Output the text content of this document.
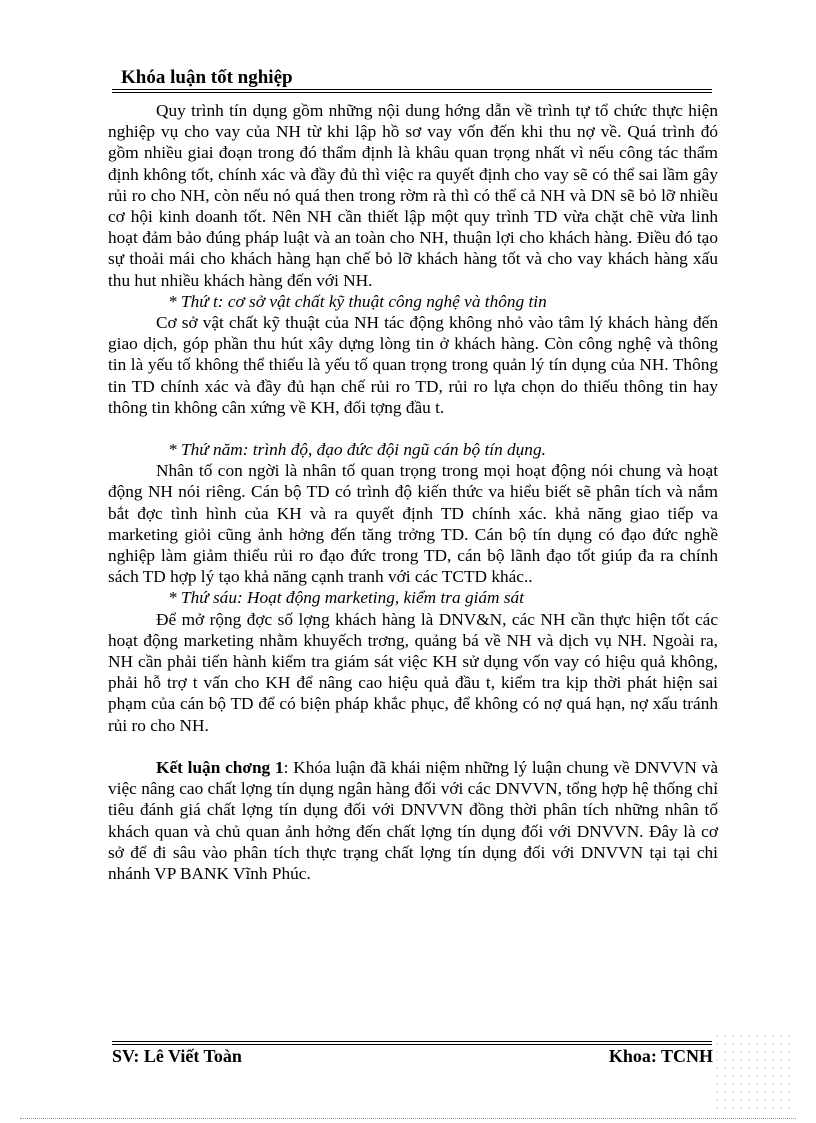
Khóa luận tốt nghiệp

Quy trình tín dụng gồm những nội dung hớng dẫn về trình tự tổ chức thực hiện nghiệp vụ cho vay của NH từ khi lập hồ sơ vay vốn đến khi thu nợ về. Quá trình đó gồm nhiều giai đoạn trong đó thẩm định là khâu quan trọng nhất vì nếu công tác thẩm định không tốt, chính xác và đầy đủ thì việc ra quyết định cho vay sẽ có thể sai lầm gây rủi ro cho NH, còn nếu nó quá then trong rờm rà thì có thể cả NH và DN sẽ bỏ lỡ nhiều cơ hội kinh doanh tốt. Nên NH cần thiết lập một quy trình TD vừa chặt chẽ vừa linh hoạt đảm bảo đúng pháp luật và an toàn cho NH, thuận lợi cho khách hàng. Điều đó tạo sự thoải mái cho khách hàng hạn chế bỏ lỡ khách hàng tốt và cho vay khách hàng xấu thu hut nhiều khách hàng đến với NH.

* Thứ t: cơ sở vật chất kỹ thuật công nghệ và thông tin

Cơ sở vật chất kỹ thuật của NH tác động không nhỏ vào tâm lý khách hàng đến giao dịch, góp phần thu hút xây dựng lòng tin ở khách hàng. Còn công nghệ và thông tin là yếu tố không thể thiếu là yếu tố quan trọng trong quản lý tín dụng của NH. Thông tin TD chính xác và đầy đủ hạn chế rủi ro TD, rủi ro lựa chọn do thiếu thông tin hay thông tin không cân xứng về KH, đối tợng đầu t.

* Thứ năm: trình độ, đạo đức đội ngũ cán bộ tín dụng.

Nhân tố con ngời là nhân tố quan trọng trong mọi hoạt động nói chung và hoạt động NH nói riêng. Cán bộ TD có trình độ kiến thức va hiểu biết sẽ phân tích và nắm bắt đợc tình hình của KH và ra quyết định TD chính xác. khả năng giao tiếp va marketing giỏi cũng ảnh hởng đến tăng trởng TD. Cán bộ tín dụng có đạo đức nghề nghiệp làm giảm thiểu rủi ro đạo đức trong TD, cán bộ lãnh đạo tốt giúp đa ra chính sách TD hợp lý tạo khả năng cạnh tranh với các TCTD khác..

* Thứ sáu: Hoạt động marketing, kiểm tra giám sát

Để mở rộng đợc số lợng khách hàng là DNV&N, các NH cần thực hiện tốt các hoạt động marketing nhằm khuyếch trơng, quảng bá về NH và dịch vụ NH. Ngoài ra, NH cần phải tiến hành kiểm tra giám sát việc KH sử dụng vốn vay có hiệu quả không, phải hỗ trợ t vấn cho KH để nâng cao hiệu quả đầu t, kiểm tra kịp thời phát hiện sai phạm của cán bộ TD để có biện pháp khắc phục, để không có nợ quá hạn, nợ xấu tránh rủi ro cho NH.

Kết luận chơng 1: Khóa luận đã khái niệm những lý luận chung về DNVVN và việc nâng cao chất lợng tín dụng ngân hàng đối với các DNVVN, tổng hợp hệ thống chỉ tiêu đánh giá chất lợng tín dụng đối với DNVVN đồng thời phân tích những nhân tố khách quan và chủ quan ảnh hởng đến chất lợng tín dụng đối với DNVVN. Đây là cơ sở để đi sâu vào phân tích thực trạng chất lợng tín dụng đối với DNVVN tại tại chi nhánh VP BANK Vĩnh Phúc.

SV: Lê Viết Toàn	Khoa: TCNH
